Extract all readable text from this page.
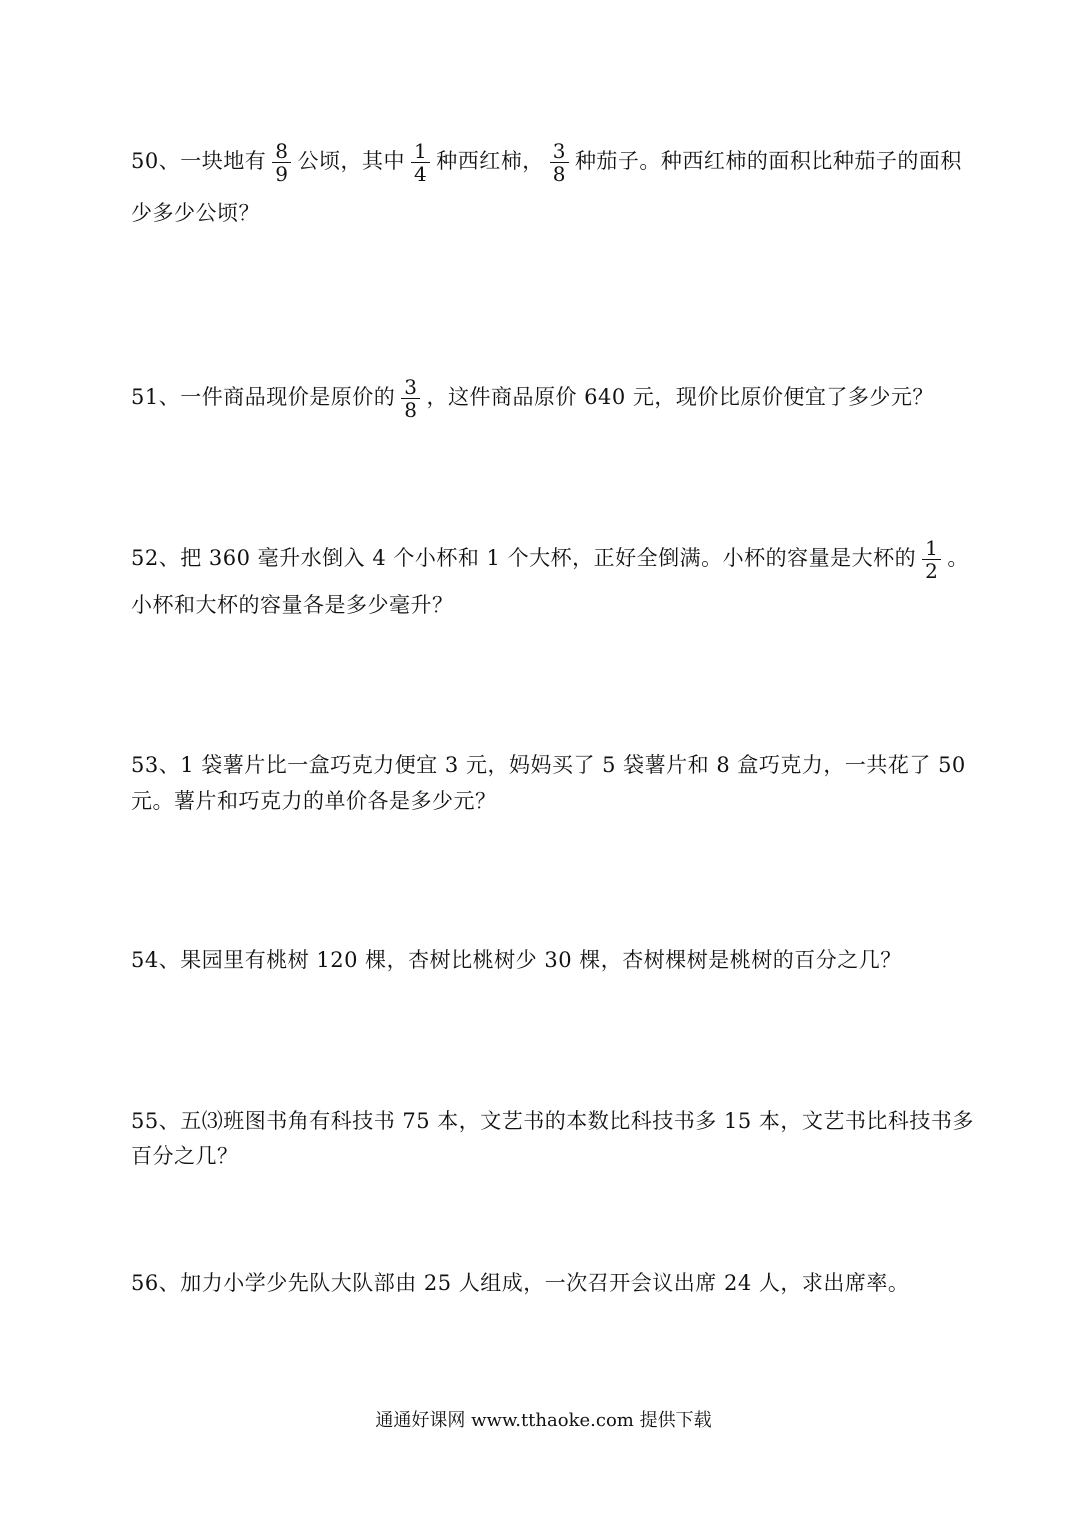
50、一块地有 $\frac{8}{9}$ 公顷，其中 $\frac{1}{4}$ 种西红柿， $\frac{3}{8}$ 种茄子。种西红柿的面积比种茄子的面积
少多少公顷？
51、一件商品现价是原价的 $\frac{3}{8}$ ，这件商品原价 640 元，现价比原价便宜了多少元？
52、把 360 毫升水倒入 4 个小杯和 1 个大杯，正好全倒满。小杯的容量是大杯的 $\frac{1}{2}$ 。
小杯和大杯的容量各是多少毫升？
53、1 袋薯片比一盒巧克力便宜 3 元，妈妈买了 5 袋薯片和 8 盒巧克力，一共花了 50
元。薯片和巧克力的单价各是多少元？
54、果园里有桃树 120 棵，杏树比桃树少 30 棵，杏树棵树是桃树的百分之几？
55、五⑶班图书角有科技书 75 本，文艺书的本数比科技书多 15 本，文艺书比科技书多
百分之几？
56、加力小学少先队大队部由 25 人组成，一次召开会议出席 24 人，求出席率。
通通好课网 www.tthaoke.com 提供下载
